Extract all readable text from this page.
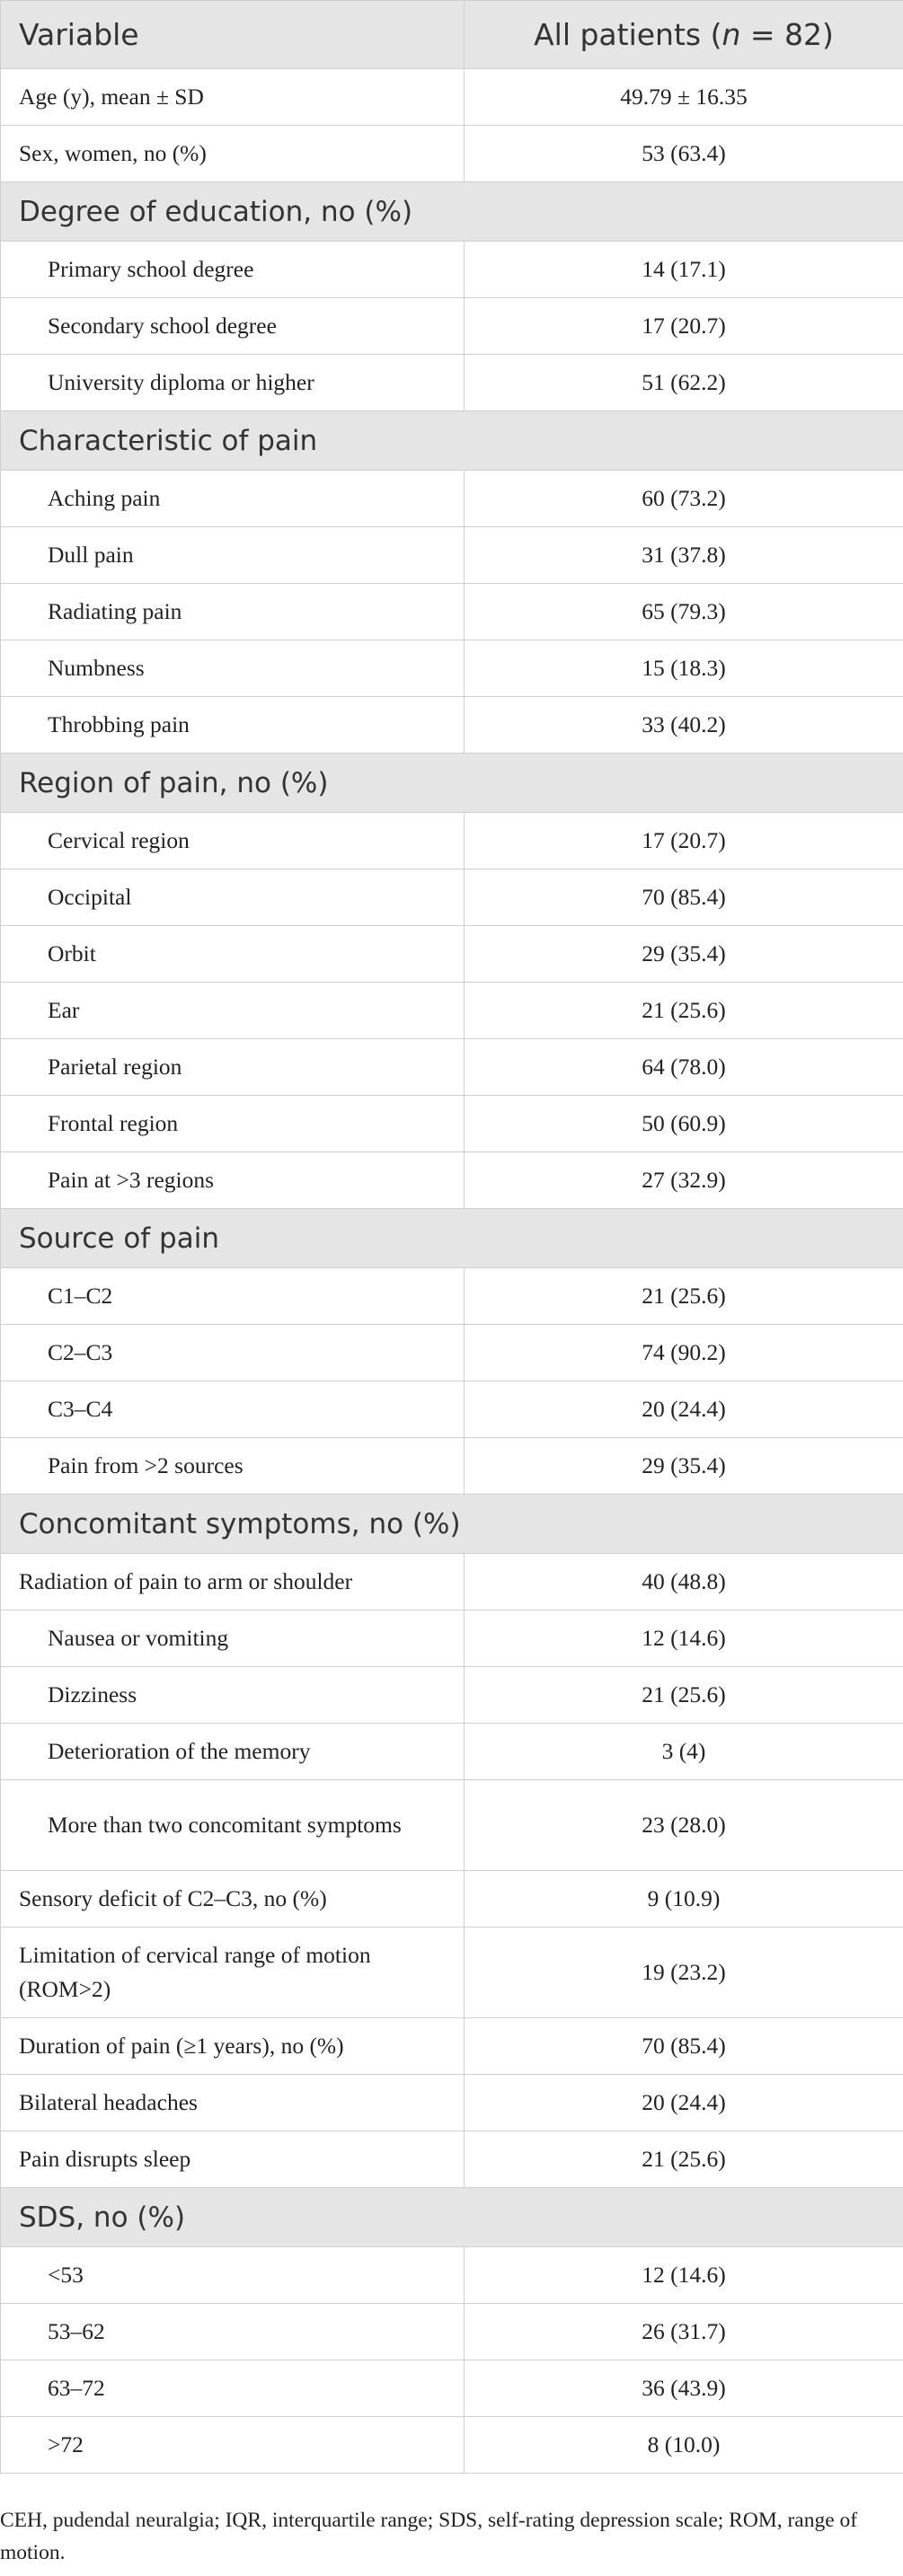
Variable	All patients (n = 82)
Age (y), mean ± SD	49.79 ± 16.35
Sex, women, no (%)	53 (63.4)
Degree of education, no (%)	
Primary school degree	14 (17.1)
Secondary school degree	17 (20.7)
University diploma or higher	51 (62.2)
Characteristic of pain	
Aching pain	60 (73.2)
Dull pain	31 (37.8)
Radiating pain	65 (79.3)
Numbness	15 (18.3)
Throbbing pain	33 (40.2)
Region of pain, no (%)	
Cervical region	17 (20.7)
Occipital	70 (85.4)
Orbit	29 (35.4)
Ear	21 (25.6)
Parietal region	64 (78.0)
Frontal region	50 (60.9)
Pain at >3 regions	27 (32.9)
Source of pain	
C1–C2	21 (25.6)
C2–C3	74 (90.2)
C3–C4	20 (24.4)
Pain from >2 sources	29 (35.4)
Concomitant symptoms, no (%)	
Radiation of pain to arm or shoulder	40 (48.8)
Nausea or vomiting	12 (14.6)
Dizziness	21 (25.6)
Deterioration of the memory	3 (4)
More than two concomitant symptoms	23 (28.0)
Sensory deficit of C2–C3, no (%)	9 (10.9)
Limitation of cervical range of motion (ROM>2)	19 (23.2)
Duration of pain (≥1 years), no (%)	70 (85.4)
Bilateral headaches	20 (24.4)
Pain disrupts sleep	21 (25.6)
SDS, no (%)	
<53	12 (14.6)
53–62	26 (31.7)
63–72	36 (43.9)
>72	8 (10.0)
CEH, pudendal neuralgia; IQR, interquartile range; SDS, self-rating depression scale; ROM, range of motion.
